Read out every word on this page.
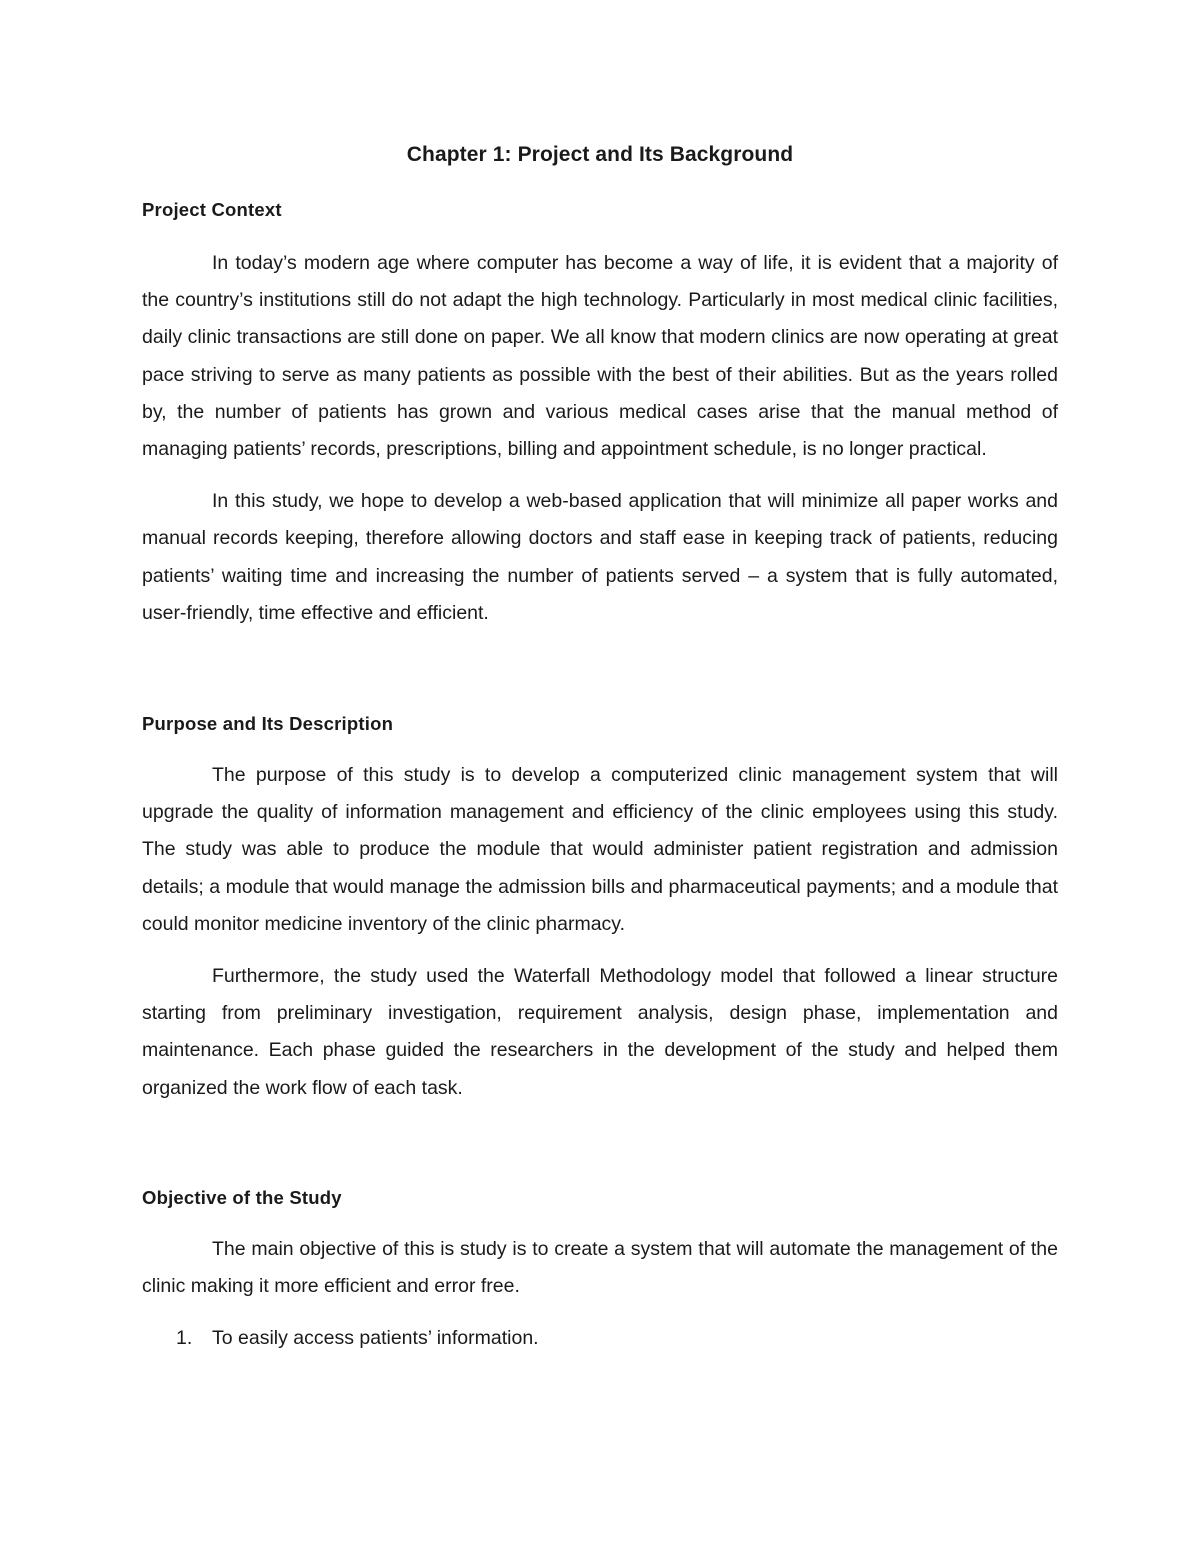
Chapter 1: Project and Its Background
Project Context

In today’s modern age where computer has become a way of life, it is evident that a majority of the country’s institutions still do not adapt the high technology. Particularly in most medical clinic facilities, daily clinic transactions are still done on paper. We all know that modern clinics are now operating at great pace striving to serve as many patients as possible with the best of their abilities. But as the years rolled by, the number of patients has grown and various medical cases arise that the manual method of managing patients’ records, prescriptions, billing and appointment schedule, is no longer practical.

In this study, we hope to develop a web-based application that will minimize all paper works and manual records keeping, therefore allowing doctors and staff ease in keeping track of patients, reducing patients’ waiting time and increasing the number of patients served – a system that is fully automated, user-friendly, time effective and efficient.

Purpose and Its Description

The purpose of this study is to develop a computerized clinic management system that will upgrade the quality of information management and efficiency of the clinic employees using this study. The study was able to produce the module that would administer patient registration and admission details; a module that would manage the admission bills and pharmaceutical payments; and a module that could monitor medicine inventory of the clinic pharmacy.

Furthermore, the study used the Waterfall Methodology model that followed a linear structure starting from preliminary investigation, requirement analysis, design phase, implementation and maintenance. Each phase guided the researchers in the development of the study and helped them organized the work flow of each task.

Objective of the Study

The main objective of this is study is to create a system that will automate the management of the clinic making it more efficient and error free.

1. To easily access patients’ information.
